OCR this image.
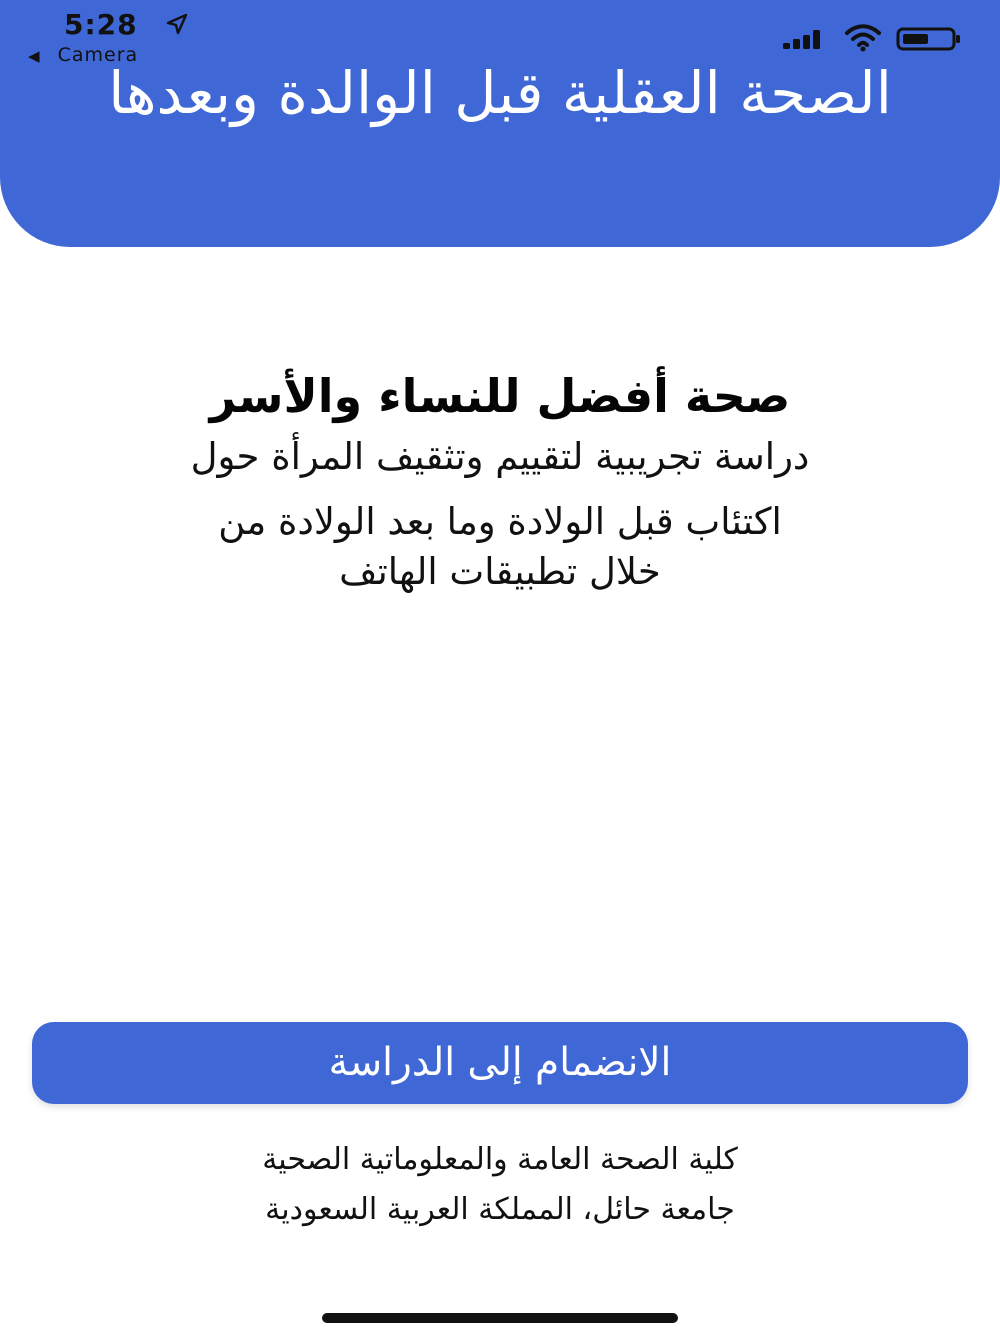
5:28
◀ Camera
الصحة العقلية قبل الوالدة وبعدها
صحة أفضل للنساء والأسر
دراسة تجريبية لتقييم وتثقيف المرأة حول
اكتئاب قبل الولادة وما بعد الولادة من
خلال تطبيقات الهاتف
الانضمام إلى الدراسة
كلية الصحة العامة والمعلوماتية الصحية
جامعة حائل، المملكة العربية السعودية
